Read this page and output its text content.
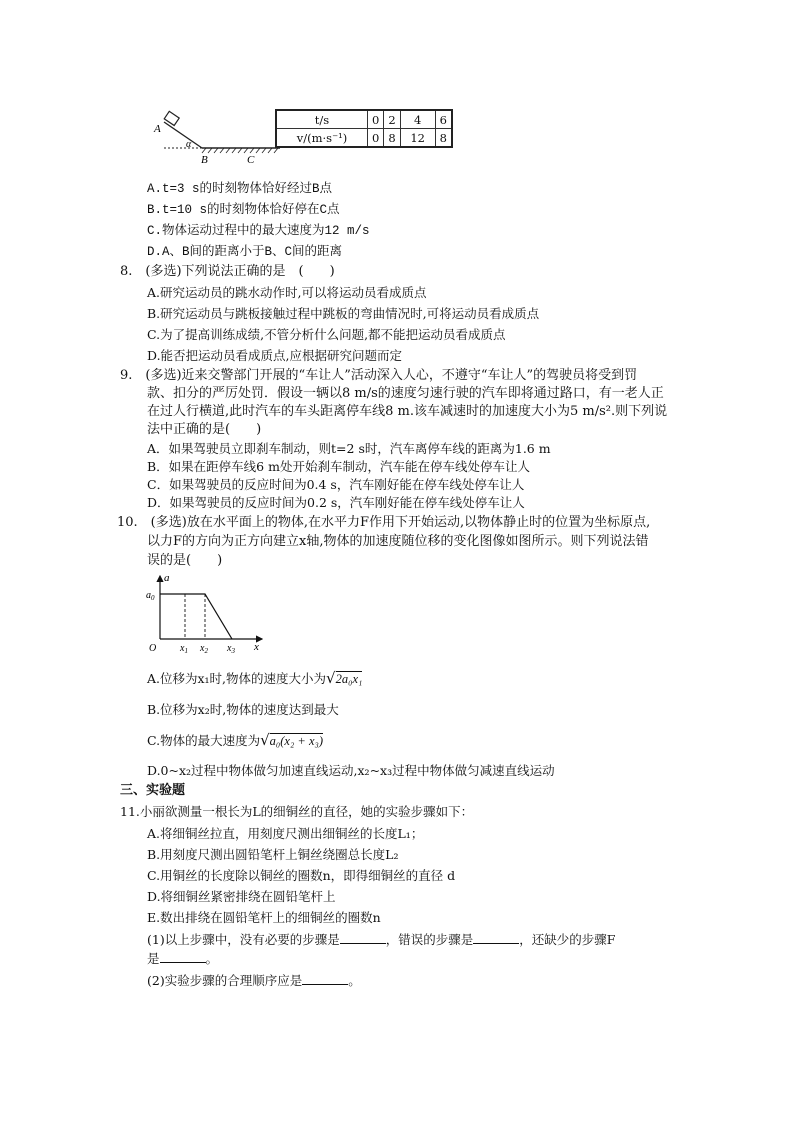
A
α
B	C
t/s	0	2	4	6
v/(m·s⁻¹)	0	8	12	8
A.t=3 s的时刻物体恰好经过B点
B.t=10 s的时刻物体恰好停在C点
C.物体运动过程中的最大速度为12 m/s
D.A、B间的距离小于B、C间的距离
8.　(多选)下列说法正确的是　(　　)
A.研究运动员的跳水动作时,可以将运动员看成质点
B.研究运动员与跳板接触过程中跳板的弯曲情况时,可将运动员看成质点
C.为了提高训练成绩,不管分析什么问题,都不能把运动员看成质点
D.能否把运动员看成质点,应根据研究问题而定
9.　(多选)近来交警部门开展的“车让人”活动深入人心，不遵守“车让人”的驾驶员将受到罚
款、扣分的严厉处罚．假设一辆以8 m/s的速度匀速行驶的汽车即将通过路口，有一老人正
在过人行横道,此时汽车的车头距离停车线8 m.该车减速时的加速度大小为5 m/s².则下列说
法中正确的是(　　)
A．如果驾驶员立即刹车制动，则t=2 s时，汽车离停车线的距离为1.6 m
B．如果在距停车线6 m处开始刹车制动，汽车能在停车线处停车让人
C．如果驾驶员的反应时间为0.4 s，汽车刚好能在停车线处停车让人
D．如果驾驶员的反应时间为0.2 s，汽车刚好能在停车线处停车让人
10.　(多选)放在水平面上的物体,在水平力F作用下开始运动,以物体静止时的位置为坐标原点,
以力F的方向为正方向建立x轴,物体的加速度随位移的变化图像如图所示。则下列说法错
误的是(　　)
a
x
O
$a_0$
$x_1$ $x_2$ $x_3$
A.位移为x₁时,物体的速度大小为√2a₀x₁
B.位移为x₂时,物体的速度达到最大
C.物体的最大速度为√a₀(x₂ + x₃)
D.0~x₂过程中物体做匀加速直线运动,x₂~x₃过程中物体做匀减速直线运动
三、实验题
11.小丽欲测量一根长为L的细铜丝的直径，她的实验步骤如下：
A.将细铜丝拉直，用刻度尺测出细铜丝的长度L₁；
B.用刻度尺测出圆铅笔杆上铜丝绕圈总长度L₂
C.用铜丝的长度除以铜丝的圈数n，即得细铜丝的直径 d
D.将细铜丝紧密排绕在圆铅笔杆上
E.数出排绕在圆铅笔杆上的细铜丝的圈数n
(1)以上步骤中，没有必要的步骤是	，错误的步骤是	，还缺少的步骤F
是	。
(2)实验步骤的合理顺序应是	。
